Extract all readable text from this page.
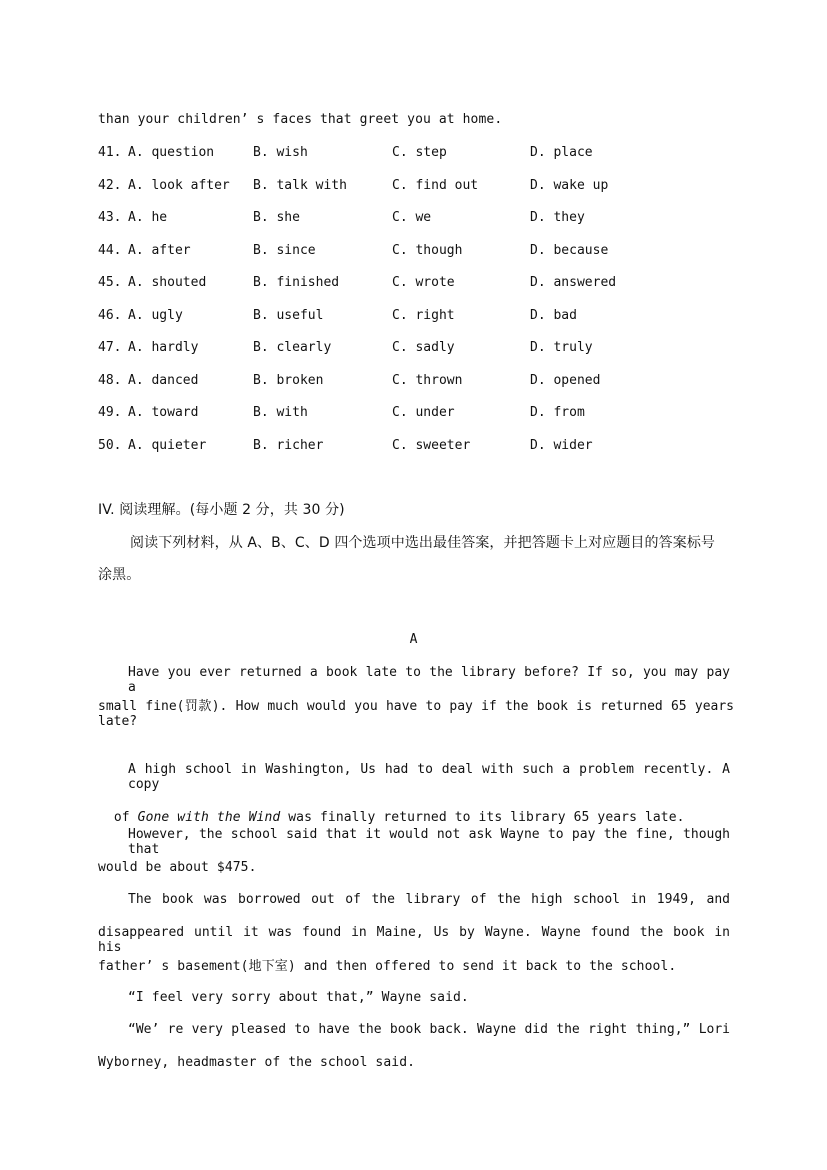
than your children’ s faces that greet you at home.
41. A. question	B. wish	C. step	D. place
42. A. look after B. talk with	C. find out	D. wake up
43. A. he	B. she	C. we	D. they
44. A. after	B. since	C. though	D. because
45. A. shouted	B. finished	C. wrote	D. answered
46. A. ugly	B. useful	C. right	D. bad
47. A. hardly	B. clearly	C. sadly	D. truly
48. A. danced	B. broken	C. thrown	D. opened
49. A. toward	B. with	C. under	D. from
50. A. quieter	B. richer	C. sweeter	D. wider
IV. 阅读理解。(每小题 2 分，共 30 分)
阅读下列材料，从 A、B、C、D 四个选项中选出最佳答案，并把答题卡上对应题目的答案标号
涂黑。
A
Have you ever returned a book late to the library before? If so, you may pay a
small fine(罚款). How much would you have to pay if the book is returned 65 years late?
A high school in Washington, Us had to deal with such a problem recently. A copy

of Gone with the Wind was finally returned to its library 65 years late.

However, the school said that it would not ask Wayne to pay the fine, though that
would be about $475.
The book was borrowed out of the library of the high school in 1949, and
disappeared until it was found in Maine, Us by Wayne. Wayne found the book in his
father’ s basement(地下室) and then offered to send it back to the school.
“I feel very sorry about that,” Wayne said.
“We’ re very pleased to have the book back. Wayne did the right thing,” Lori
Wyborney, headmaster of the school said.
